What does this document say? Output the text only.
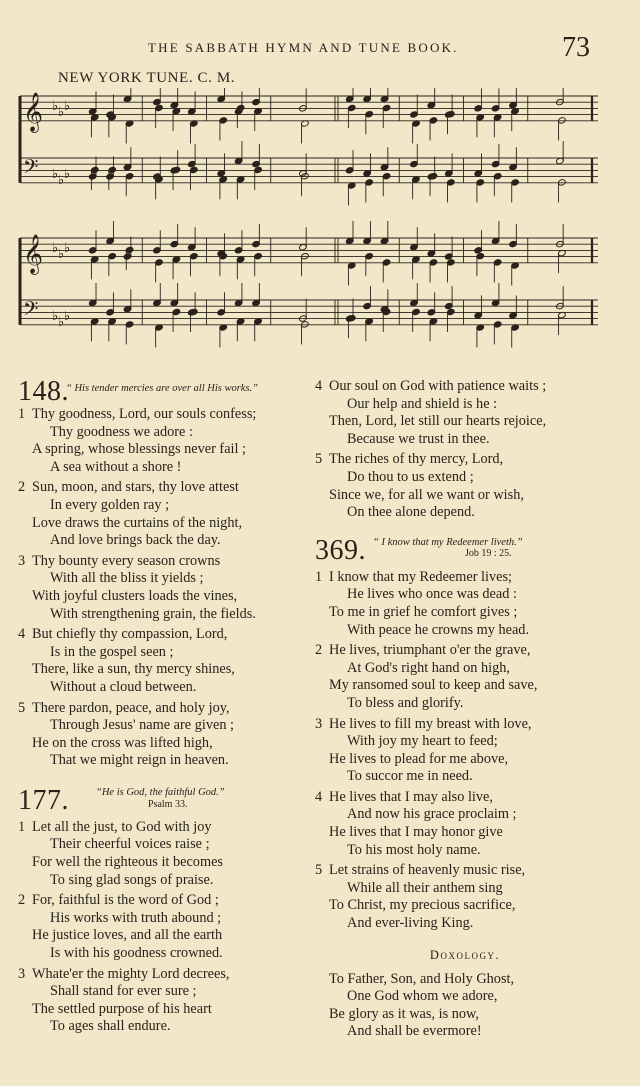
THE SABBATH HYMN AND TUNE BOOK.	73
NEW YORK TUNE. C. M.
𝄞 ♭ ♭ ♭
𝄢 ♭ ♭ ♭
𝄞 ♭ ♭ ♭
𝄢 ♭ ♭ ♭
148.
“ His tender mercies are over all His works.”
Thy goodness, Lord, our souls confess;
Thy goodness we adore :
A spring, whose blessings never fail ;
A sea without a shore !
1
Sun, moon, and stars, thy love attest
In every golden ray ;
Love draws the curtains of the night,
And love brings back the day.
2
Thy bounty every season crowns
With all the bliss it yields ;
With joyful clusters loads the vines,
With strengthening grain, the fields.
3
But chiefly thy compassion, Lord,
Is in the gospel seen ;
There, like a sun, thy mercy shines,
Without a cloud between.
4
There pardon, peace, and holy joy,
Through Jesus' name are given ;
He on the cross was lifted high,
That we might reign in heaven.
5
177.	“He is God, the faithful God.”
Psalm 33.
Let all the just, to God with joy
Their cheerful voices raise ;
For well the righteous it becomes
To sing glad songs of praise.
1
For, faithful is the word of God ;
His works with truth abound ;
He justice loves, and all the earth
Is with his goodness crowned.
2
Whate'er the mighty Lord decrees,
Shall stand for ever sure ;
The settled purpose of his heart
To ages shall endure.
3
Our soul on God with patience waits ;
Our help and shield is he :
Then, Lord, let still our hearts rejoice,
Because we trust in thee.
4
The riches of thy mercy, Lord,
Do thou to us extend ;
Since we, for all we want or wish,
On thee alone depend.
5
369. “ I know that my Redeemer liveth.”
Job 19 : 25.
I know that my Redeemer lives;
He lives who once was dead :
To me in grief he comfort gives ;
With peace he crowns my head.
1
He lives, triumphant o'er the grave,
At God's right hand on high,
My ransomed soul to keep and save,
To bless and glorify.
2
He lives to fill my breast with love,
With joy my heart to feed;
He lives to plead for me above,
To succor me in need.
3
He lives that I may also live,
And now his grace proclaim ;
He lives that I may honor give
To his most holy name.
4
Let strains of heavenly music rise,
While all their anthem sing
To Christ, my precious sacrifice,
And ever-living King.
5
Doxology.
To Father, Son, and Holy Ghost,
One God whom we adore,
Be glory as it was, is now,
And shall be evermore!
